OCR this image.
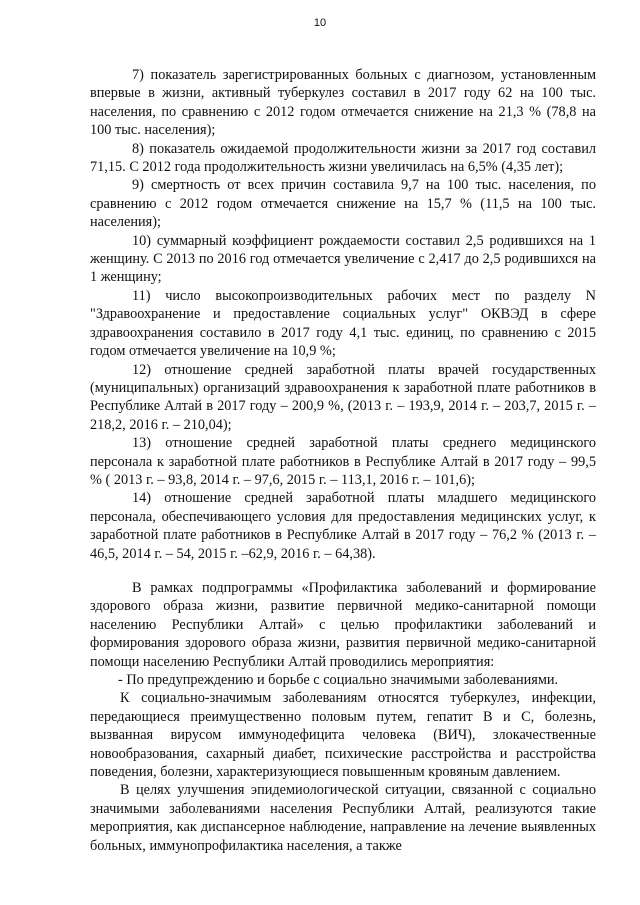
10

7) показатель зарегистрированных больных с диагнозом, установленным впервые в жизни, активный туберкулез составил в 2017 году 62 на 100 тыс. населения, по сравнению с 2012 годом отмечается снижение на 21,3 % (78,8 на 100 тыс. населения);

8) показатель ожидаемой продолжительности жизни за 2017 год составил 71,15. С 2012 года продолжительность жизни увеличилась на 6,5% (4,35 лет);

9) смертность от всех причин составила 9,7 на 100 тыс. населения, по сравнению с 2012 годом отмечается снижение на 15,7 % (11,5 на 100 тыс. населения);

10) суммарный коэффициент рождаемости составил 2,5 родившихся на 1 женщину. С 2013 по 2016 год отмечается увеличение с 2,417 до 2,5 родившихся на 1 женщину;

11) число высокопроизводительных рабочих мест по разделу N "Здравоохранение и предоставление социальных услуг" ОКВЭД в сфере здравоохранения составило в 2017 году 4,1 тыс. единиц, по сравнению с 2015 годом отмечается увеличение на 10,9 %;

12) отношение средней заработной платы врачей государственных (муниципальных) организаций здравоохранения к заработной плате работников в Республике Алтай в 2017 году – 200,9 %, (2013 г. – 193,9, 2014 г. – 203,7, 2015 г. – 218,2, 2016 г. – 210,04);

13) отношение средней заработной платы среднего медицинского персонала к заработной плате работников в Республике Алтай в 2017 году – 99,5 % ( 2013 г. – 93,8, 2014 г. – 97,6, 2015 г. – 113,1, 2016 г. – 101,6);

14) отношение средней заработной платы младшего медицинского персонала, обеспечивающего условия для предоставления медицинских услуг, к заработной плате работников в Республике Алтай в 2017 году – 76,2 % (2013 г. – 46,5, 2014 г. – 54, 2015 г. –62,9, 2016 г. – 64,38).

В рамках подпрограммы «Профилактика заболеваний и формирование здорового образа жизни, развитие первичной медико-санитарной помощи населению Республики Алтай» с целью профилактики заболеваний и формирования здорового образа жизни, развития первичной медико-санитарной помощи населению Республики Алтай проводились мероприятия:

- По предупреждению и борьбе с социально значимыми заболеваниями.

К социально-значимым заболеваниям относятся туберкулез, инфекции, передающиеся преимущественно половым путем, гепатит В и С, болезнь, вызванная вирусом иммунодефицита человека (ВИЧ), злокачественные новообразования, сахарный диабет, психические расстройства и расстройства поведения, болезни, характеризующиеся повышенным кровяным давлением.

В целях улучшения эпидемиологической ситуации, связанной с социально значимыми заболеваниями населения Республики Алтай, реализуются такие мероприятия, как диспансерное наблюдение, направление на лечение выявленных больных, иммунопрофилактика населения, а также
